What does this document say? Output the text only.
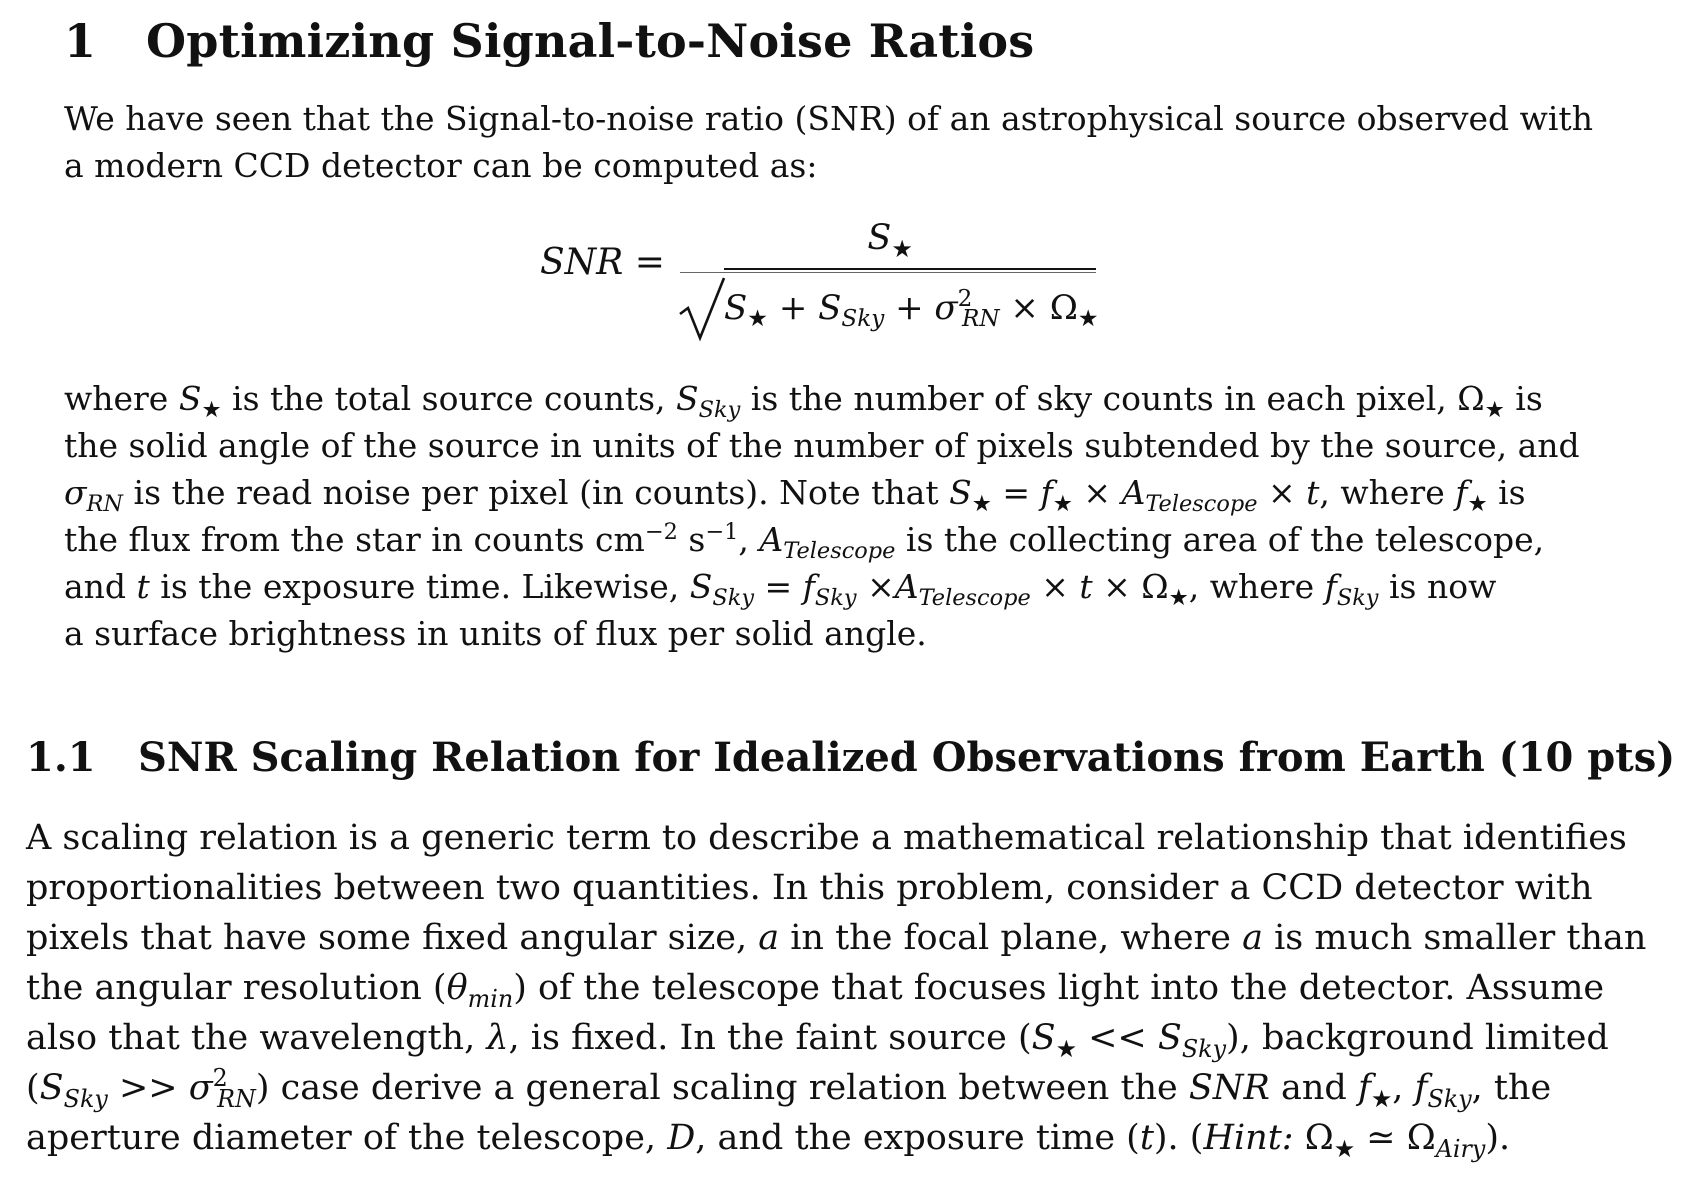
1 Optimizing Signal-to-Noise Ratios

We have seen that the Signal-to-noise ratio (SNR) of an astrophysical source observed with
a modern CCD detector can be computed as:

SNR =
$S_★$
$S_★ + S_{Sky} + \sigma^2_{RN} \times \Omega_★$

where $S_★$ is the total source counts, $S_{Sky}$ is the number of sky counts in each pixel, $\Omega_★$ is
the solid angle of the source in units of the number of pixels subtended by the source, and
$\sigma_{RN}$ is the read noise per pixel (in counts). Note that $S_★ = f_★ \times A_{Telescope} \times t$, where $f_★$ is
the flux from the star in counts $cm^{-2}$ $s^{-1}$, $A_{Telescope}$ is the collecting area of the telescope,
and t is the exposure time. Likewise, $S_{Sky} = f_{Sky} \times A_{Telescope} \times t \times \Omega_★$, where $f_{Sky}$ is now
a surface brightness in units of flux per solid angle.

1.1 SNR Scaling Relation for Idealized Observations from Earth (10 pts)

A scaling relation is a generic term to describe a mathematical relationship that identifies
proportionalities between two quantities. In this problem, consider a CCD detector with
pixels that have some fixed angular size, a in the focal plane, where a is much smaller than
the angular resolution $(\theta_{min})$ of the telescope that focuses light into the detector. Assume
also that the wavelength, λ, is fixed. In the faint source $(S_★ << S_{Sky})$, background limited
$(S_{Sky} >> \sigma^2_{RN})$ case derive a general scaling relation between the SNR and $f_★$, $f_{Sky}$, the
aperture diameter of the telescope, D, and the exposure time (t). (Hint: $\Omega_★$ ≃ $\Omega_{Airy}$).
